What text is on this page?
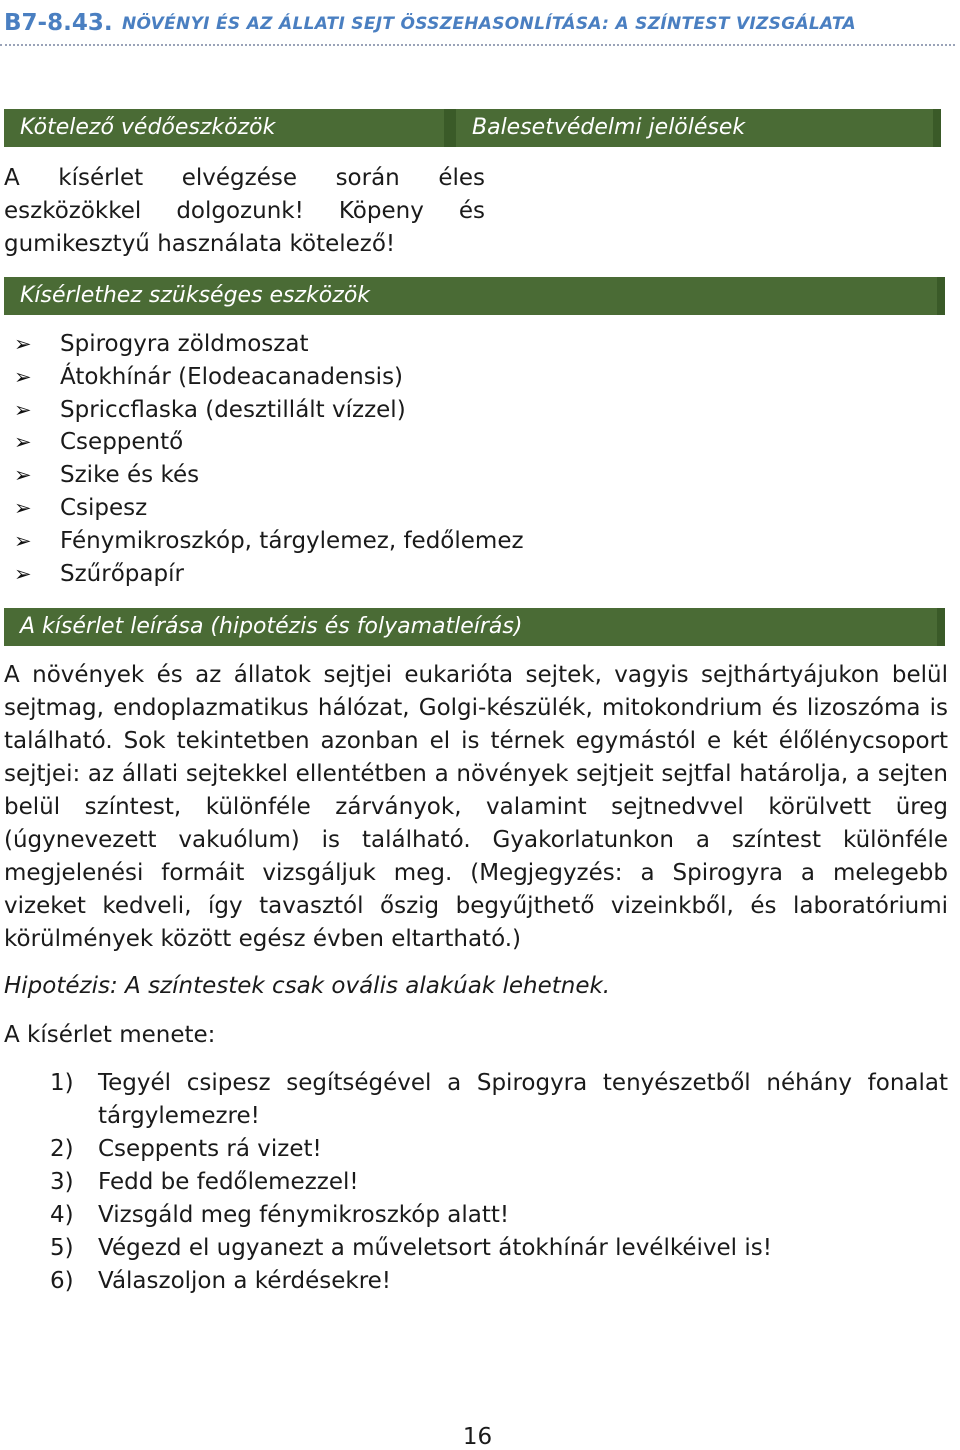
B7-8.43. NÖVÉNYI ÉS AZ ÁLLATI SEJT ÖSSZEHASONLÍTÁSA: A SZÍNTEST VIZSGÁLATA
Kötelező védőeszközök	Balesetvédelmi jelölések
A kísérlet elvégzése során éles
eszközökkel dolgozunk! Köpeny és
gumikesztyű használata kötelező!
Kísérlethez szükséges eszközök
➢	Spirogyra zöldmoszat
➢	Átokhínár (Elodeacanadensis)
➢	Spriccflaska (desztillált vízzel)
➢	Cseppentő
➢	Szike és kés
➢	Csipesz
➢	Fénymikroszkóp, tárgylemez, fedőlemez
➢	Szűrőpapír
A kísérlet leírása (hipotézis és folyamatleírás)

A növények és az állatok sejtjei eukarióta sejtek, vagyis sejthártyájukon belül sejtmag, endoplazmatikus hálózat, Golgi-készülék, mitokondrium és lizoszóma is található. Sok tekintetben azonban el is térnek egymástól e két élőlénycsoport sejtjei: az állati sejtekkel ellentétben a növények sejtjeit sejtfal határolja, a sejten belül színtest, különféle zárványok, valamint sejtnedvvel körülvett üreg (úgynevezett vakuólum) is található. Gyakorlatunkon a színtest különféle megjelenési formáit vizsgáljuk meg. (Megjegyzés: a Spirogyra a melegebb vizeket kedveli, így tavasztól őszig begyűjthető vizeinkből, és laboratóriumi körülmények között egész évben eltartható.)

Hipotézis: A színtestek csak ovális alakúak lehetnek.

A kísérlet menete:

1)	Tegyél csipesz segítségével a Spirogyra tenyészetből néhány fonalat tárgylemezre!
2)	Cseppents rá vizet!
3)	Fedd be fedőlemezzel!
4)	Vizsgáld meg fénymikroszkóp alatt!
5)	Végezd el ugyanezt a műveletsort átokhínár levélkéivel is!
6)	Válaszoljon a kérdésekre!
16
